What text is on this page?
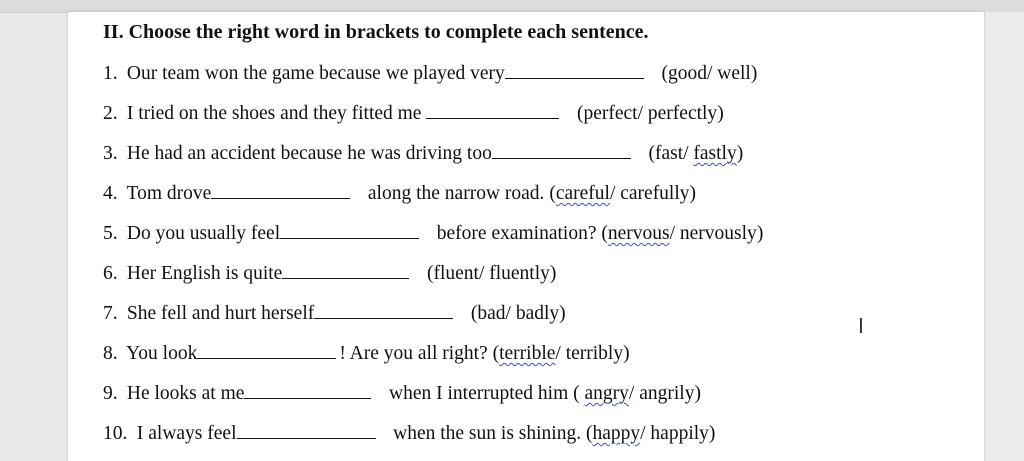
II. Choose the right word in brackets to complete each sentence.
1. Our team won the game because we played very	(good/ well)
2. I tried on the shoes and they fitted me	(perfect/ perfectly)
3. He had an accident because he was driving too	(fast/ fastly)
4. Tom drove	along the narrow road. (careful/ carefully)
5. Do you usually feel	before examination? (nervous/ nervously)
6. Her English is quite	(fluent/ fluently)
7. She fell and hurt herself	(bad/ badly)
8. You look	! Are you all right? (terrible/ terribly)
9. He looks at me	when I interrupted him ( angry/ angrily)
10. I always feel	when the sun is shining. (happy/ happily)
I
